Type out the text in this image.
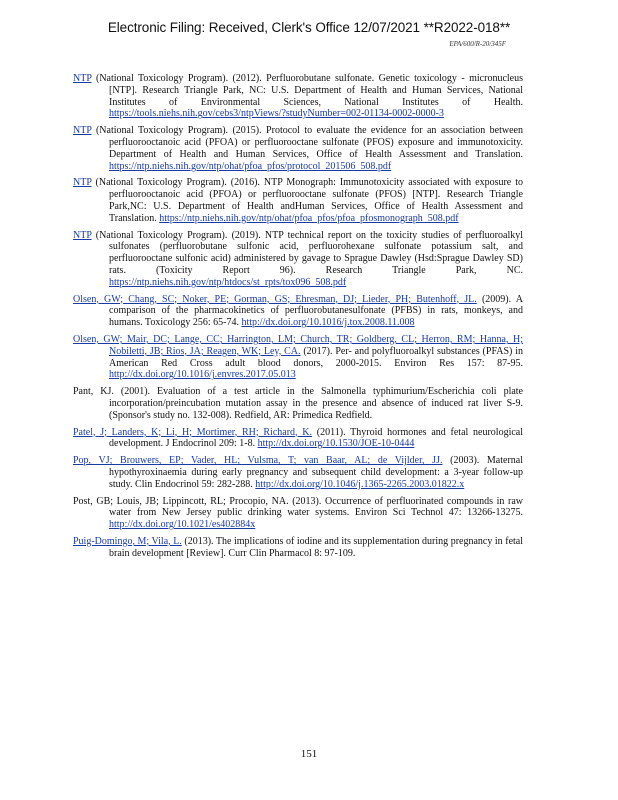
Electronic Filing: Received, Clerk's Office 12/07/2021 **R2022-018**
EPA/600/R-20/345F

NTP (National Toxicology Program). (2012). Perfluorobutane sulfonate. Genetic toxicology - micronucleus [NTP]. Research Triangle Park, NC: U.S. Department of Health and Human Services, National Institutes of Environmental Sciences, National Institutes of Health. https://tools.niehs.nih.gov/cebs3/ntpViews/?studyNumber=002-01134-0002-0000-3

NTP (National Toxicology Program). (2015). Protocol to evaluate the evidence for an association between perfluorooctanoic acid (PFOA) or perfluorooctane sulfonate (PFOS) exposure and immunotoxicity. Department of Health and Human Services, Office of Health Assessment and Translation. https://ntp.niehs.nih.gov/ntp/ohat/pfoa_pfos/protocol_201506_508.pdf

NTP (National Toxicology Program). (2016). NTP Monograph: Immunotoxicity associated with exposure to perfluorooctanoic acid (PFOA) or perfluorooctane sulfonate (PFOS) [NTP]. Research Triangle Park,NC: U.S. Department of Health andHuman Services, Office of Health Assessment and Translation. https://ntp.niehs.nih.gov/ntp/ohat/pfoa_pfos/pfoa_pfosmonograph_508.pdf

NTP (National Toxicology Program). (2019). NTP technical report on the toxicity studies of perfluoroalkyl sulfonates (perfluorobutane sulfonic acid, perfluorohexane sulfonate potassium salt, and perfluorooctane sulfonic acid) administered by gavage to Sprague Dawley (Hsd:Sprague Dawley SD) rats. (Toxicity Report 96). Research Triangle Park, NC. https://ntp.niehs.nih.gov/ntp/htdocs/st_rpts/tox096_508.pdf

Olsen, GW; Chang, SC; Noker, PE; Gorman, GS; Ehresman, DJ; Lieder, PH; Butenhoff, JL. (2009). A comparison of the pharmacokinetics of perfluorobutanesulfonate (PFBS) in rats, monkeys, and humans. Toxicology 256: 65-74. http://dx.doi.org/10.1016/j.tox.2008.11.008

Olsen, GW; Mair, DC; Lange, CC; Harrington, LM; Church, TR; Goldberg, CL; Herron, RM; Hanna, H; Nobiletti, JB; Rios, JA; Reagen, WK; Ley, CA. (2017). Per- and polyfluoroalkyl substances (PFAS) in American Red Cross adult blood donors, 2000-2015. Environ Res 157: 87-95. http://dx.doi.org/10.1016/j.envres.2017.05.013

Pant, KJ. (2001). Evaluation of a test article in the Salmonella typhimurium/Escherichia coli plate incorporation/preincubation mutation assay in the presence and absence of induced rat liver S-9. (Sponsor's study no. 132-008). Redfield, AR: Primedica Redfield.

Patel, J; Landers, K; Li, H; Mortimer, RH; Richard, K. (2011). Thyroid hormones and fetal neurological development. J Endocrinol 209: 1-8. http://dx.doi.org/10.1530/JOE-10-0444

Pop, VJ; Brouwers, EP; Vader, HL; Vulsma, T; van Baar, AL; de Vijlder, JJ. (2003). Maternal hypothyroxinaemia during early pregnancy and subsequent child development: a 3-year follow-up study. Clin Endocrinol 59: 282-288. http://dx.doi.org/10.1046/j.1365-2265.2003.01822.x

Post, GB; Louis, JB; Lippincott, RL; Procopio, NA. (2013). Occurrence of perfluorinated compounds in raw water from New Jersey public drinking water systems. Environ Sci Technol 47: 13266-13275. http://dx.doi.org/10.1021/es402884x

Puig-Domingo, M; Vila, L. (2013). The implications of iodine and its supplementation during pregnancy in fetal brain development [Review]. Curr Clin Pharmacol 8: 97-109.

151
